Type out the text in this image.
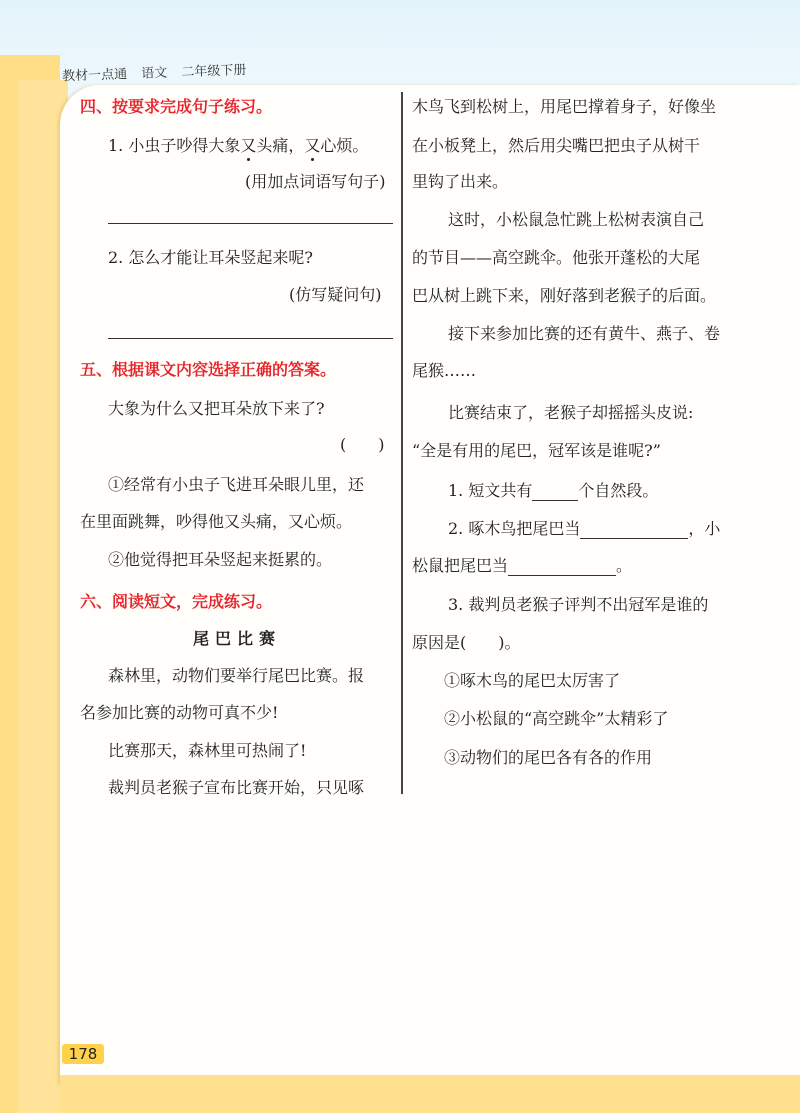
教材一点通 语文 二年级下册
四、按要求完成句子练习。
1. 小虫子吵得大象又头痛，又心烦。
(用加点词语写句子)
2. 怎么才能让耳朵竖起来呢?
(仿写疑问句)
五、根据课文内容选择正确的答案。
大象为什么又把耳朵放下来了?
(　　)
①经常有小虫子飞进耳朵眼儿里，还
在里面跳舞，吵得他又头痛，又心烦。
②他觉得把耳朵竖起来挺累的。
六、阅读短文，完成练习。
尾巴比赛
森林里，动物们要举行尾巴比赛。报
名参加比赛的动物可真不少!
比赛那天，森林里可热闹了!
裁判员老猴子宣布比赛开始，只见啄
木鸟飞到松树上，用尾巴撑着身子，好像坐
在小板凳上，然后用尖嘴巴把虫子从树干
里钩了出来。
这时，小松鼠急忙跳上松树表演自己
的节目——高空跳伞。他张开蓬松的大尾
巴从树上跳下来，刚好落到老猴子的后面。
接下来参加比赛的还有黄牛、燕子、卷
尾猴……
比赛结束了，老猴子却摇摇头皮说:
“全是有用的尾巴，冠军该是谁呢?”
1. 短文共有	个自然段。
2. 啄木鸟把尾巴当	，小
松鼠把尾巴当	。
3. 裁判员老猴子评判不出冠军是谁的
原因是(　　)。
①啄木鸟的尾巴太厉害了
②小松鼠的“高空跳伞”太精彩了
③动物们的尾巴各有各的作用
178
